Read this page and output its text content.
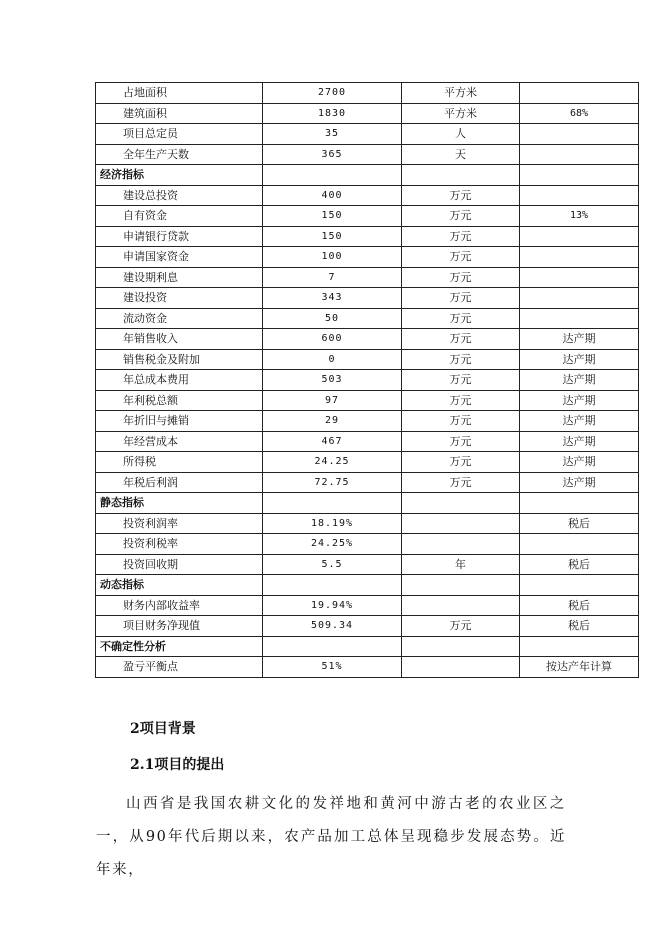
占地面积	2700	平方米	
建筑面积	1830	平方米	68%
项目总定员	35	人	
全年生产天数	365	天	
经济指标			
建设总投资	400	万元	
自有资金	150	万元	13%
申请银行贷款	150	万元	
申请国家资金	100	万元	
建设期利息	7	万元	
建设投资	343	万元	
流动资金	50	万元	
年销售收入	600	万元	达产期
销售税金及附加	0	万元	达产期
年总成本费用	503	万元	达产期
年利税总额	97	万元	达产期
年折旧与摊销	29	万元	达产期
年经营成本	467	万元	达产期
所得税	24.25	万元	达产期
年税后利润	72.75	万元	达产期
静态指标			
投资利润率	18.19%		税后
投资利税率	24.25%		
投资回收期	5.5	年	税后
动态指标			
财务内部收益率	19.94%		税后
项目财务净现值	509.34	万元	税后
不确定性分析			
盈亏平衡点	51%		按达产年计算
2项目背景
2.1项目的提出

山西省是我国农耕文化的发祥地和黄河中游古老的农业区之一，从90年代后期以来，农产品加工总体呈现稳步发展态势。近年来，
